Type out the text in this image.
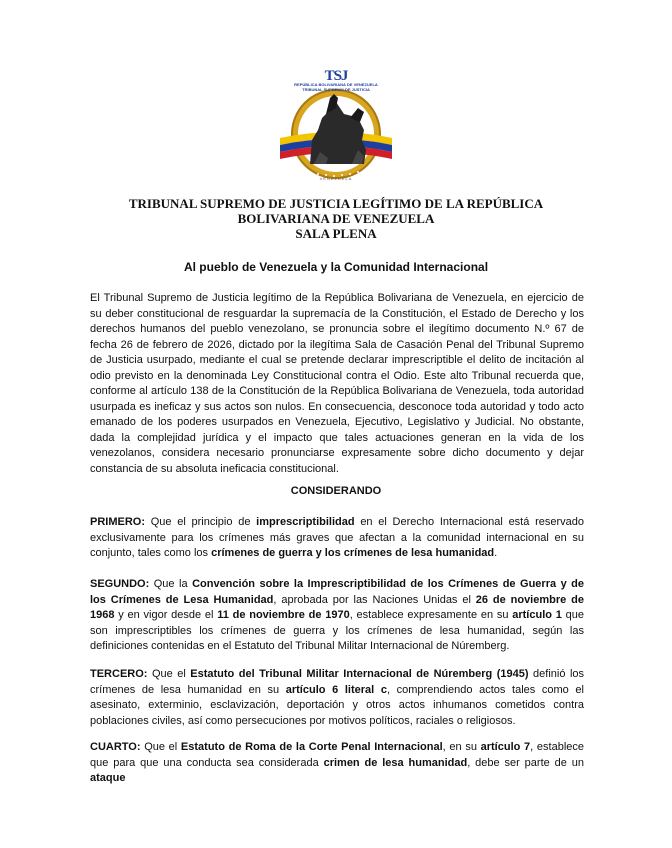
TSJ
REPÚBLICA BOLIVARIANA DE VENEZUELA
TRIBUNAL SUPREMO DE JUSTICIA
VENEZUELA
TRIBUNAL SUPREMO DE JUSTICIA LEGÍTIMO DE LA REPÚBLICA
BOLIVARIANA DE VENEZUELA
SALA PLENA
Al pueblo de Venezuela y la Comunidad Internacional

El Tribunal Supremo de Justicia legítimo de la República Bolivariana de Venezuela, en ejercicio de su deber constitucional de resguardar la supremacía de la Constitución, el Estado de Derecho y los derechos humanos del pueblo venezolano, se pronuncia sobre el ilegítimo documento N.º 67 de fecha 26 de febrero de 2026, dictado por la ilegítima Sala de Casación Penal del Tribunal Supremo de Justicia usurpado, mediante el cual se pretende declarar imprescriptible el delito de incitación al odio previsto en la denominada Ley Constitucional contra el Odio. Este alto Tribunal recuerda que, conforme al artículo 138 de la Constitución de la República Bolivariana de Venezuela, toda autoridad usurpada es ineficaz y sus actos son nulos. En consecuencia, desconoce toda autoridad y todo acto emanado de los poderes usurpados en Venezuela, Ejecutivo, Legislativo y Judicial. No obstante, dada la complejidad jurídica y el impacto que tales actuaciones generan en la vida de los venezolanos, considera necesario pronunciarse expresamente sobre dicho documento y dejar constancia de su absoluta ineficacia constitucional.

CONSIDERANDO

PRIMERO: Que el principio de imprescriptibilidad en el Derecho Internacional está reservado exclusivamente para los crímenes más graves que afectan a la comunidad internacional en su conjunto, tales como los crímenes de guerra y los crímenes de lesa humanidad.

SEGUNDO: Que la Convención sobre la Imprescriptibilidad de los Crímenes de Guerra y de los Crímenes de Lesa Humanidad, aprobada por las Naciones Unidas el 26 de noviembre de 1968 y en vigor desde el 11 de noviembre de 1970, establece expresamente en su artículo 1 que son imprescriptibles los crímenes de guerra y los crímenes de lesa humanidad, según las definiciones contenidas en el Estatuto del Tribunal Militar Internacional de Núremberg.

TERCERO: Que el Estatuto del Tribunal Militar Internacional de Núremberg (1945) definió los crímenes de lesa humanidad en su artículo 6 literal c, comprendiendo actos tales como el asesinato, exterminio, esclavización, deportación y otros actos inhumanos cometidos contra poblaciones civiles, así como persecuciones por motivos políticos, raciales o religiosos.

CUARTO: Que el Estatuto de Roma de la Corte Penal Internacional, en su artículo 7, establece que para que una conducta sea considerada crimen de lesa humanidad, debe ser parte de un ataque
